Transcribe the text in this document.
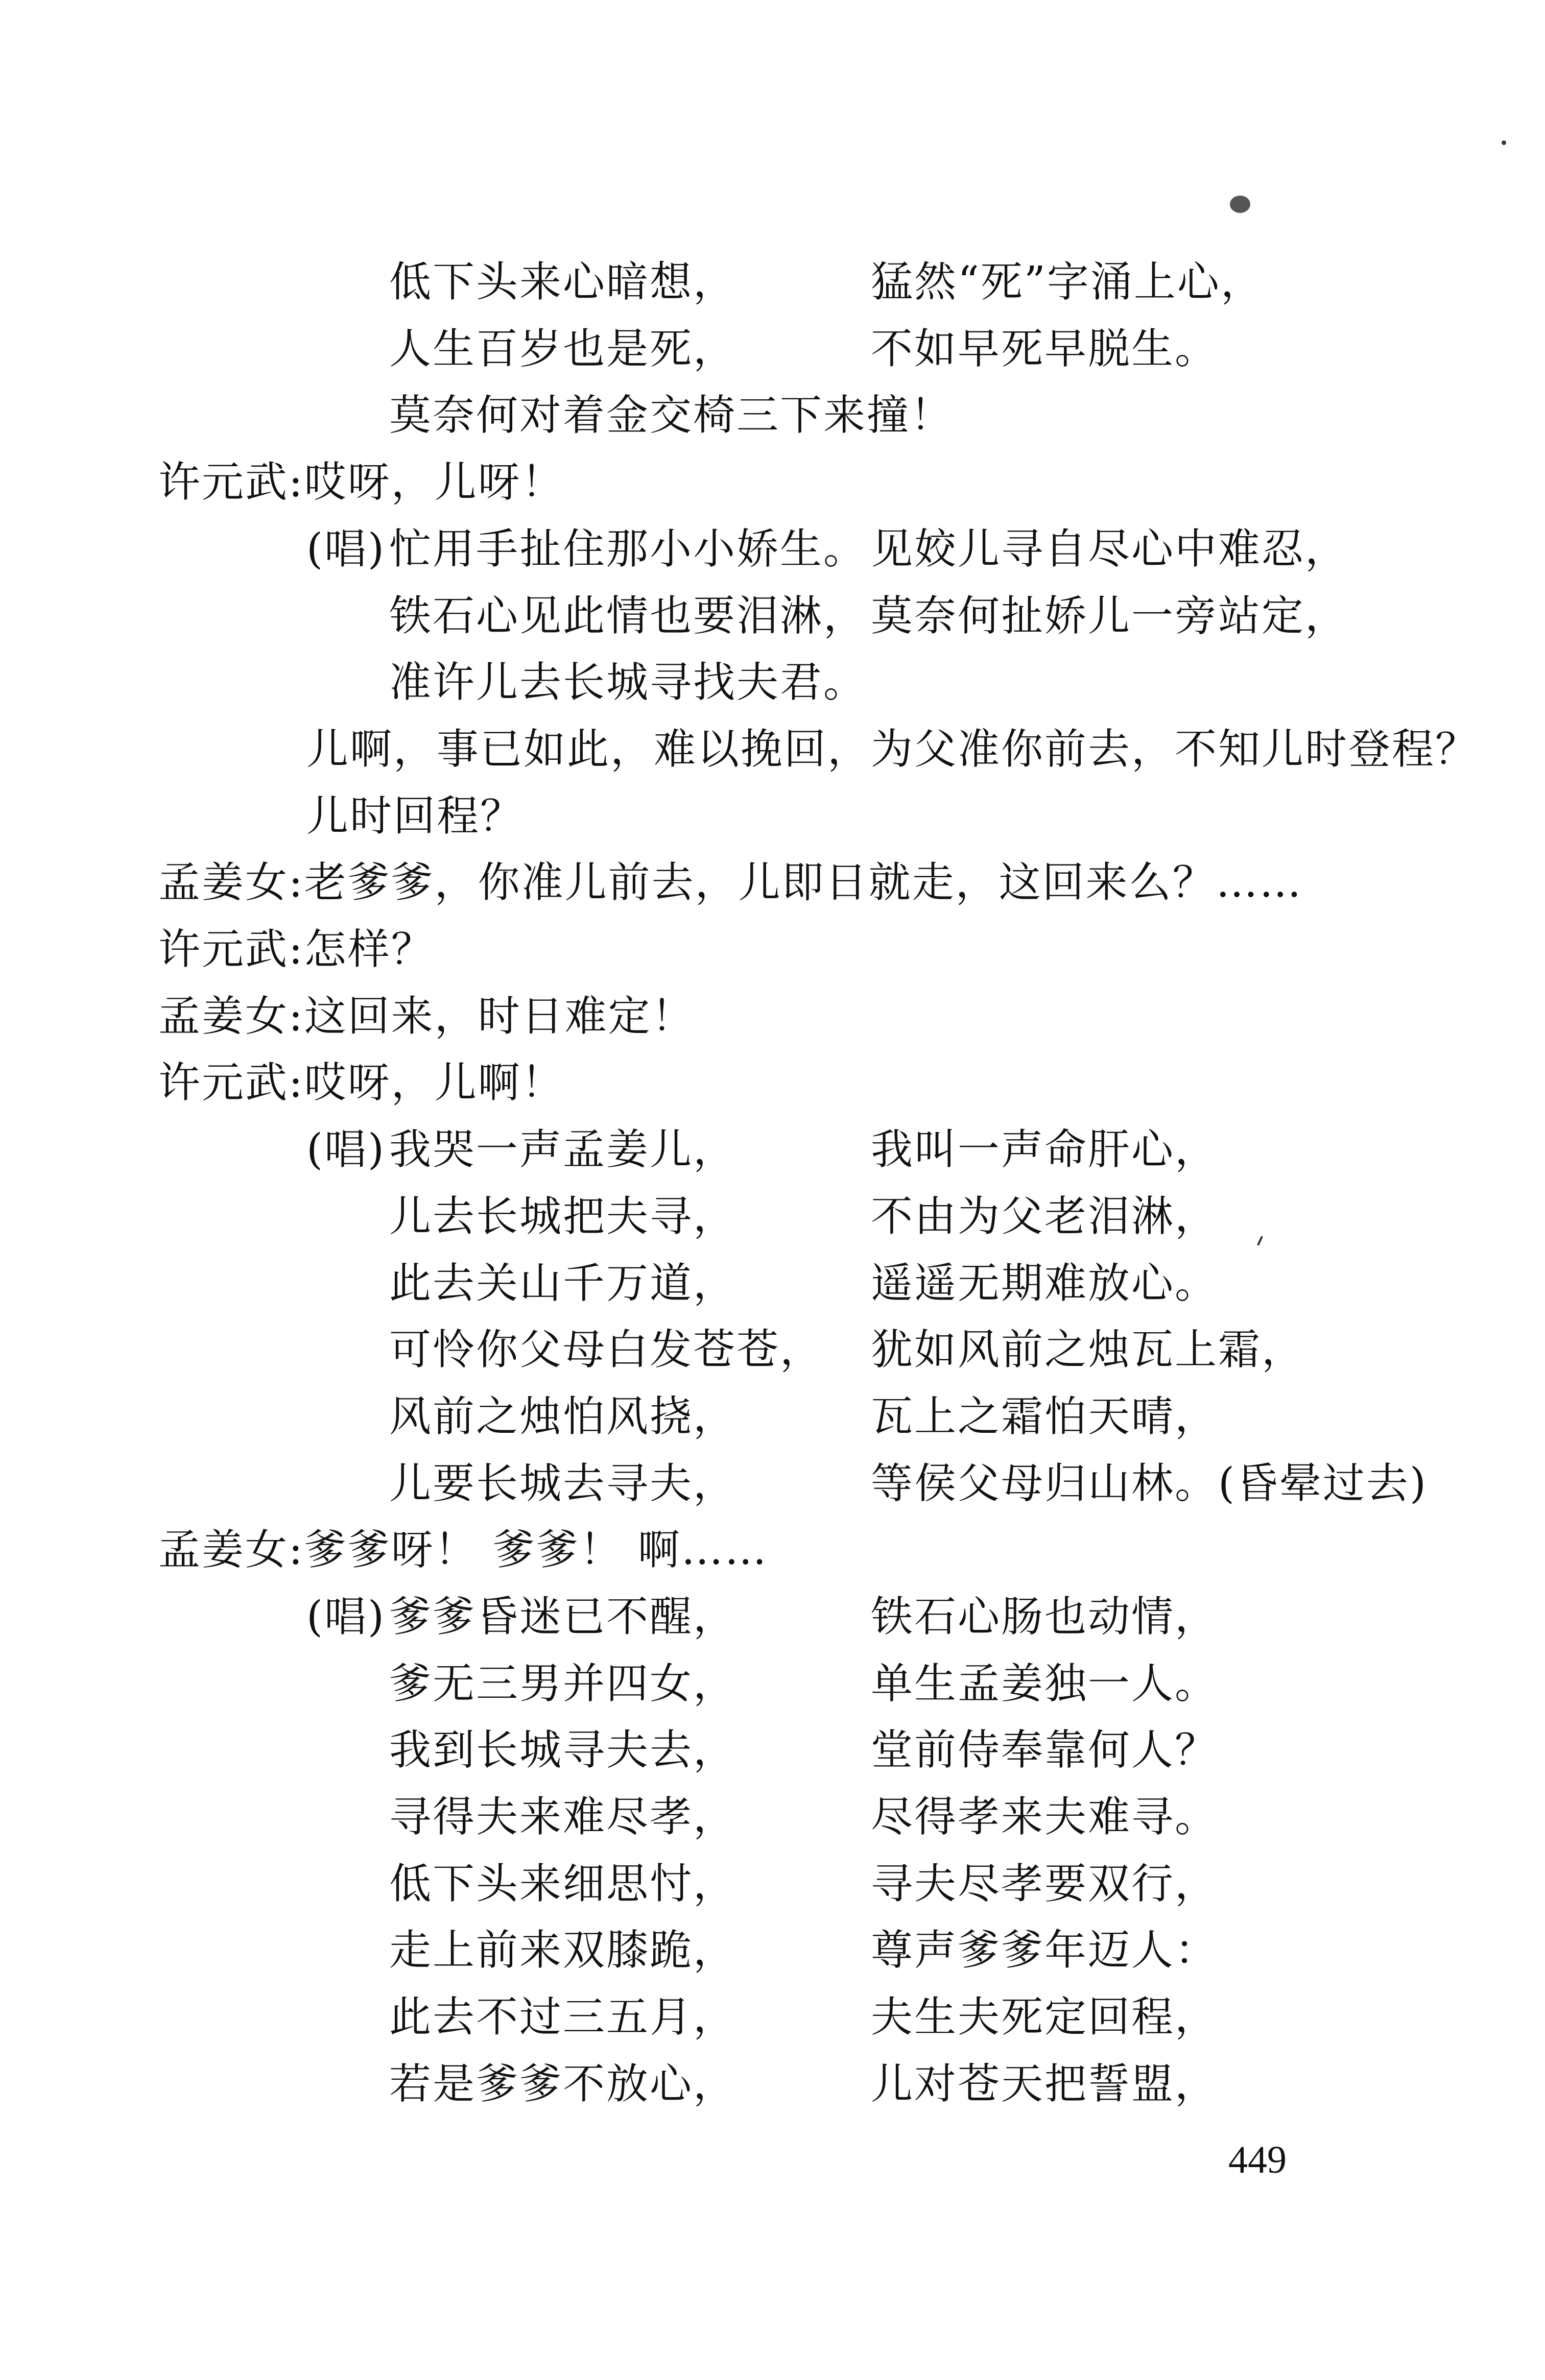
低下头来心暗想，	猛然“死”字涌上心，
人生百岁也是死，	不如早死早脱生。
莫奈何对着金交椅三下来撞！
许元武:哎呀，儿呀！
(唱) 忙用手扯住那小小娇生。 见姣儿寻自尽心中难忍，
铁石心见此情也要泪淋， 莫奈何扯娇儿一旁站定，
准许儿去长城寻找夫君。
儿啊，事已如此，难以挽回，为父准你前去，不知儿时登程？
儿时回程？
孟姜女:老爹爹，你准儿前去，儿即日就走，这回来么？……
许元武:怎样？
孟姜女:这回来，时日难定！
许元武:哎呀，儿啊！
(唱) 我哭一声孟姜儿，	我叫一声命肝心，
儿去长城把夫寻，	不由为父老泪淋，
此去关山千万道，	遥遥无期难放心。
可怜你父母白发苍苍， 犹如风前之烛瓦上霜，
风前之烛怕风挠，	瓦上之霜怕天晴，
儿要长城去寻夫，	等侯父母归山林。(昏晕过去)
孟姜女:爹爹呀！ 爹爹！ 啊……
(唱) 爹爹昏迷已不醒，	铁石心肠也动情，
爹无三男并四女，	单生孟姜独一人。
我到长城寻夫去，	堂前侍奉靠何人？
寻得夫来难尽孝，	尽得孝来夫难寻。
低下头来细思忖，	寻夫尽孝要双行，
走上前来双膝跪，	尊声爹爹年迈人：
此去不过三五月，	夫生夫死定回程，
若是爹爹不放心，	儿对苍天把誓盟，
449
